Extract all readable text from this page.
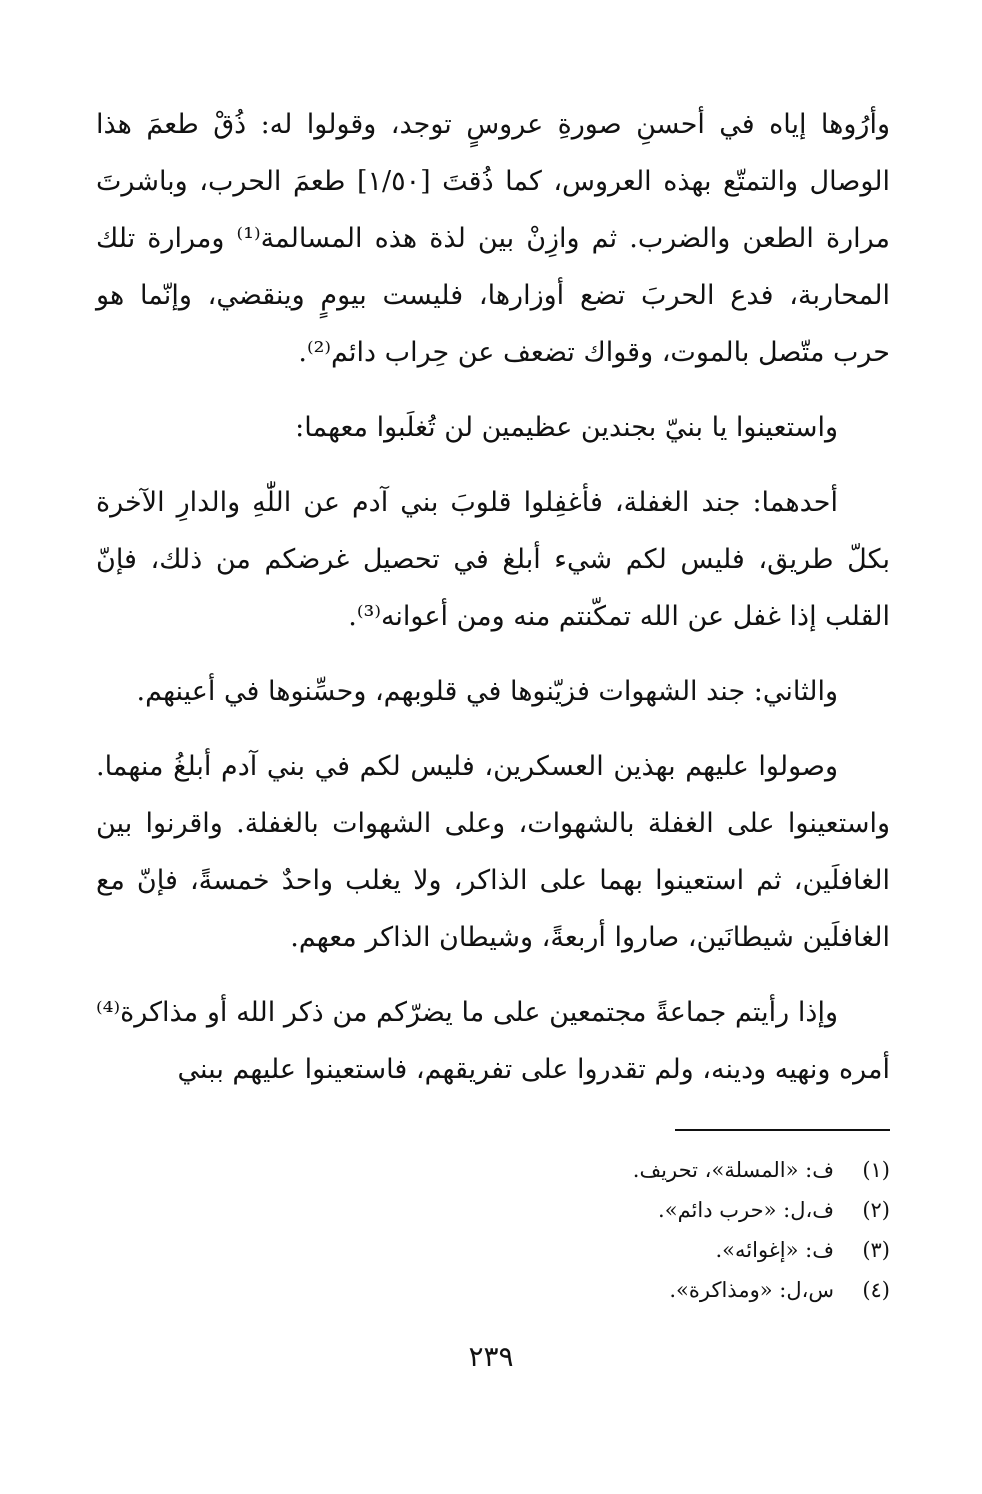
وأرُوها إياه في أحسنِ صورةِ عروسٍ توجد، وقولوا له: ذُقْ طعمَ هذا الوصال والتمتّع بهذه العروس، كما ذُقتَ [١/٥٠] طعمَ الحرب، وباشرتَ مرارة الطعن والضرب. ثم وازِنْ بين لذة هذه المسالمة⁽¹⁾ ومرارة تلك المحاربة، فدع الحربَ تضع أوزارها، فليست بيومٍ وينقضي، وإنّما هو حرب متّصل بالموت، وقواك تضعف عن حِراب دائم⁽²⁾.

واستعينوا يا بنيّ بجندين عظيمين لن تُغلَبوا معهما:

أحدهما: جند الغفلة، فأغفِلوا قلوبَ بني آدم عن اللّٰهِ والدارِ الآخرة بكلّ طريق، فليس لكم شيء أبلغ في تحصيل غرضكم من ذلك، فإنّ القلب إذا غفل عن الله تمكّنتم منه ومن أعوانه⁽³⁾.

والثاني: جند الشهوات فزيّنوها في قلوبهم، وحسِّنوها في أعينهم.

وصولوا عليهم بهذين العسكرين، فليس لكم في بني آدم أبلغُ منهما. واستعينوا على الغفلة بالشهوات، وعلى الشهوات بالغفلة. واقرنوا بين الغافلَين، ثم استعينوا بهما على الذاكر، ولا يغلب واحدٌ خمسةً، فإنّ مع الغافلَين شيطانَين، صاروا أربعةً، وشيطان الذاكر معهم.

وإذا رأيتم جماعةً مجتمعين على ما يضرّكم من ذكر الله أو مذاكرة⁽⁴⁾ أمره ونهيه ودينه، ولم تقدروا على تفريقهم، فاستعينوا عليهم ببني

(١)
ف: «المسلة»، تحريف.
(٢)
ف،ل: «حرب دائم».
(٣)
ف: «إغوائه».
(٤)
س،ل: «ومذاكرة».
٢٣٩
